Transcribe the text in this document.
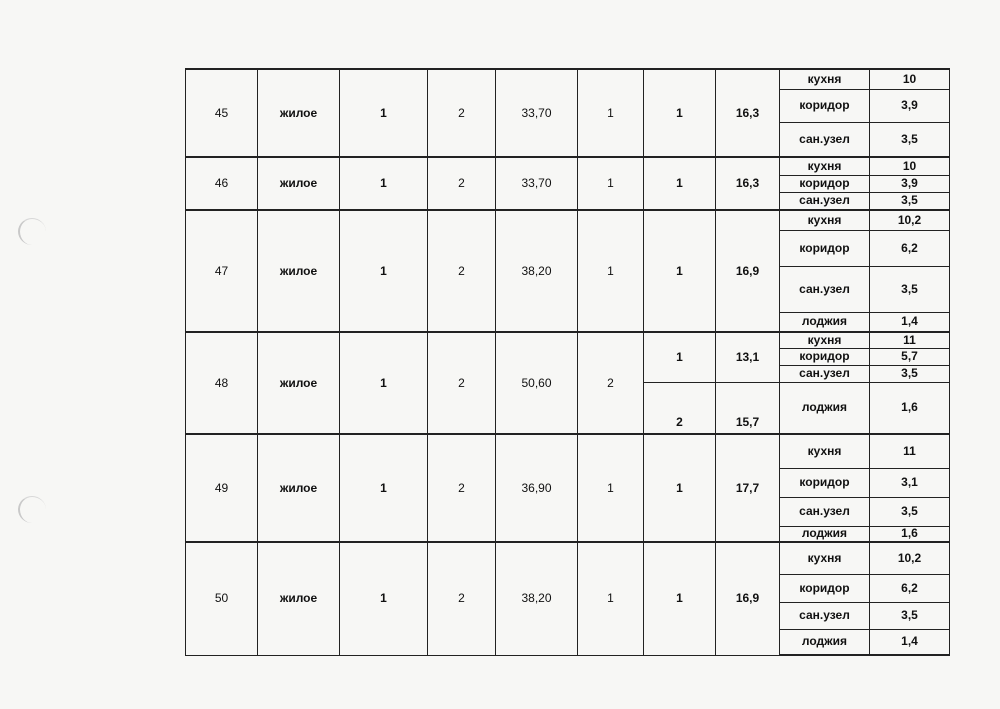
45	жилое	1	2	33,70	1	1	16,3	кухня	10
								коридор	3,9
								сан.узел	3,5
46	жилое	1	2	33,70	1	1	16,3	кухня	10
								коридор	3,9
								сан.узел	3,5
47	жилое	1	2	38,20	1	1	16,9	кухня	10,2
								коридор	6,2
								сан.узел	3,5
								лоджия	1,4
48	жилое	1	2	50,60	2	1	13,1	кухня	11
								коридор	5,7
								сан.узел	3,5
						2	15,7	лоджия	1,6
49	жилое	1	2	36,90	1	1	17,7	кухня	11
								коридор	3,1
								сан.узел	3,5
								лоджия	1,6
50	жилое	1	2	38,20	1	1	16,9	кухня	10,2
								коридор	6,2
								сан.узел	3,5
								лоджия	1,4
